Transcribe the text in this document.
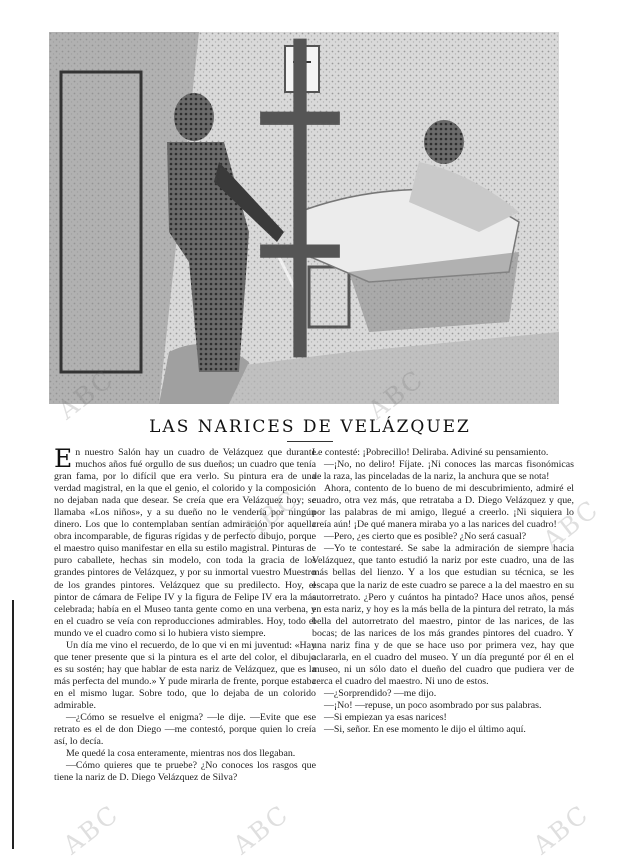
LAS NARICES DE VELÁZQUEZ

En nuestro Salón hay un cuadro de Velázquez que durante muchos años fué orgullo de sus dueños; un cuadro que tenía gran fama, por lo difícil que era verlo. Su pintura era de una verdad magistral, en la que el genio, el colorido y la composición no dejaban nada que desear. Se creía que era Velázquez hoy; se llamaba «Los niños», y a su dueño no le vendería por ningún dinero. Los que lo contemplaban sentían admiración por aquella obra incomparable, de figuras rígidas y de perfecto dibujo, porque el maestro quiso manifestar en ella su estilo magistral. Pinturas de puro caballete, hechas sin modelo, con toda la gracia de los grandes pintores de Velázquez, y por su inmortal vuestro Muestro de los grandes pintores. Velázquez que su predilecto. Hoy, el pintor de cámara de Felipe IV y la figura de Felipe IV era la más celebrada; había en el Museo tanta gente como en una verbena, y en el cuadro se veía con reproducciones admirables. Hoy, todo el mundo ve el cuadro como si lo hubiera visto siempre.

Un día me vino el recuerdo, de lo que vi en mi juventud: «Hay que tener presente que si la pintura es el arte del color, el dibujo es su sostén; hay que hablar de esta nariz de Velázquez, que es la más perfecta del mundo.» Y pude mirarla de frente, porque estaba en el mismo lugar. Sobre todo, que lo dejaba de un colorido admirable.

—¿Cómo se resuelve el enigma? —le dije. —Evite que ese retrato es el de don Diego —me contestó, porque quien lo creía así, lo decía.

Me quedé la cosa enteramente, mientras nos dos llegaban.

—Cómo quieres que te pruebe? ¿No conoces los rasgos que tiene la nariz de D. Diego Velázquez de Silva?

Le contesté: ¡Pobrecillo! Deliraba. Adiviné su pensamiento.

—¡No, no deliro! Fíjate. ¡Ni conoces las marcas fisonómicas de la raza, las pinceladas de la nariz, la anchura que se nota!

Ahora, contento de lo bueno de mi descubrimiento, admiré el cuadro, otra vez más, que retrataba a D. Diego Velázquez y que, por las palabras de mi amigo, llegué a creerlo. ¡Ni siquiera lo creía aún! ¡De qué manera miraba yo a las narices del cuadro!

—Pero, ¿es cierto que es posible? ¿No será casual?

—Yo te contestaré. Se sabe la admiración de siempre hacia Velázquez, que tanto estudió la nariz por este cuadro, una de las más bellas del lienzo. Y a los que estudian su técnica, se les escapa que la nariz de este cuadro se parece a la del maestro en su autorretrato. ¿Pero y cuántos ha pintado? Hace unos años, pensé en esta nariz, y hoy es la más bella de la pintura del retrato, la más bella del autorretrato del maestro, pintor de las narices, de las bocas; de las narices de los más grandes pintores del cuadro. Y una nariz fina y de que se hace uso por primera vez, hay que aclararla, en el cuadro del museo. Y un día pregunté por él en el museo, ni un sólo dato el dueño del cuadro que pudiera ver de cerca el cuadro del maestro. Ni uno de estos.

—¿Sorprendido? —me dijo.

—¡No! —repuse, un poco asombrado por sus palabras.

—Si empiezan ya esas narices!

—Si, señor. En ese momento le dijo el último aquí.

ABC	ABC
ABC	ABC
ABC	ABC	ABC
